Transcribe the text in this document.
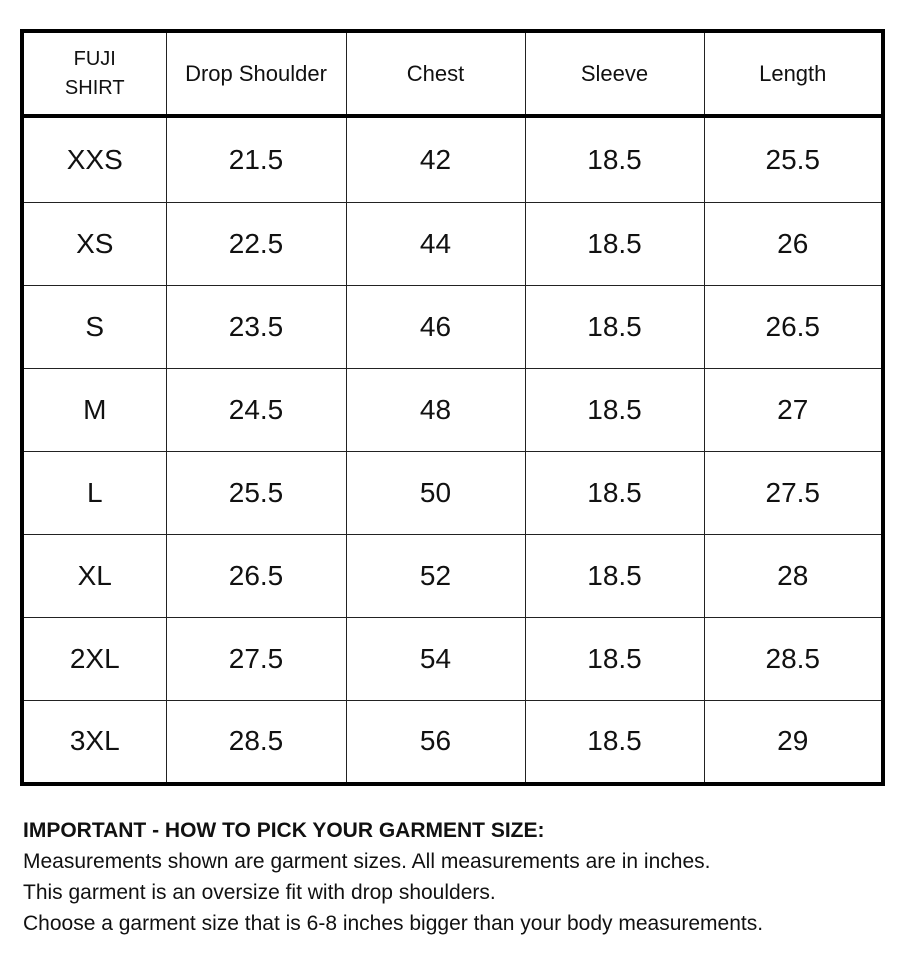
FUJI
SHIRT	Drop Shoulder	Chest	Sleeve	Length
XXS	21.5	42	18.5	25.5
XS	22.5	44	18.5	26
S	23.5	46	18.5	26.5
M	24.5	48	18.5	27
L	25.5	50	18.5	27.5
XL	26.5	52	18.5	28
2XL	27.5	54	18.5	28.5
3XL	28.5	56	18.5	29
IMPORTANT - HOW TO PICK YOUR GARMENT SIZE:
Measurements shown are garment sizes. All measurements are in inches.
This garment is an oversize fit with drop shoulders.
Choose a garment size that is 6-8 inches bigger than your body measurements.
